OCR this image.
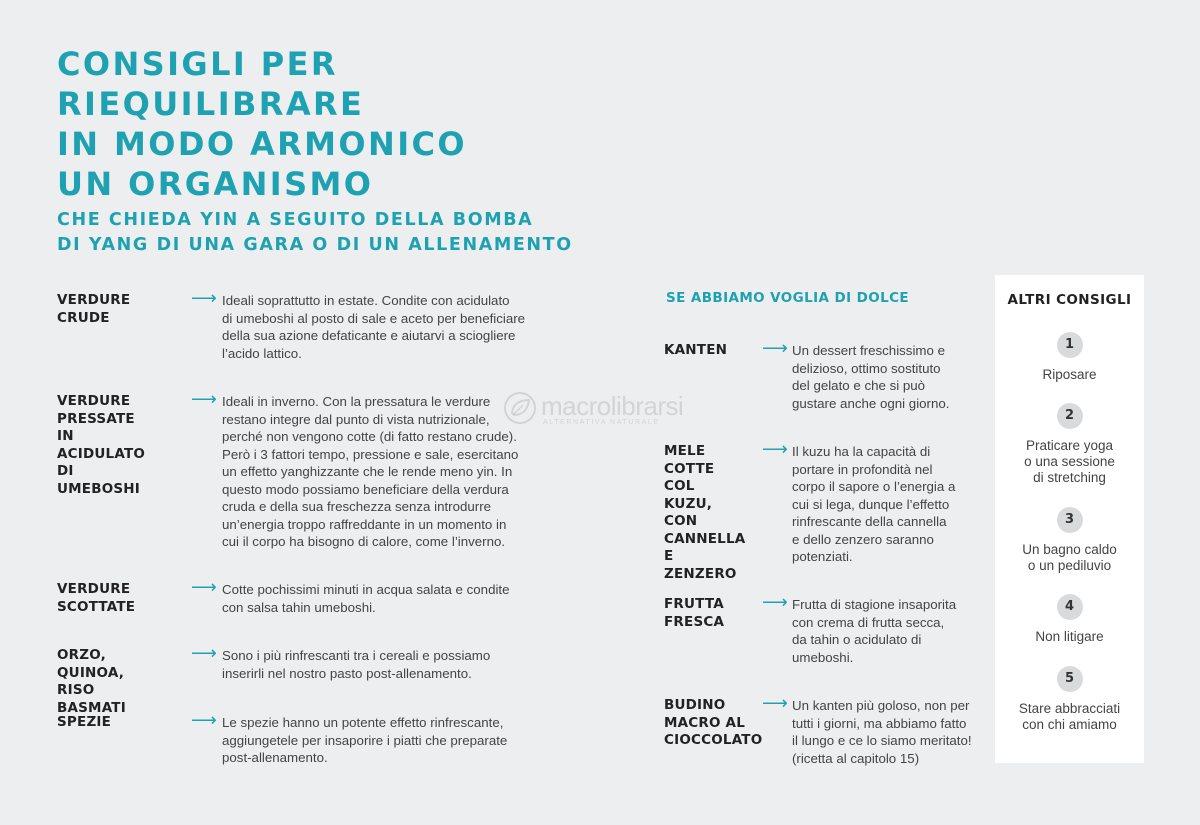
CONSIGLI PER
RIEQUILIBRARE
IN MODO ARMONICO
UN ORGANISMO
CHE CHIEDA YIN A SEGUITO DELLA BOMBA
DI YANG DI UNA GARA O DI UN ALLENAMENTO
VERDURE CRUDE
⟶ Ideali soprattutto in estate. Condite con acidulato
di umeboshi al posto di sale e aceto per beneficiare
della sua azione defaticante e aiutarvi a sciogliere
l’acido lattico.
VERDURE
PRESSATE IN
ACIDULATO DI
UMEBOSHI
⟶ Ideali in inverno. Con la pressatura le verdure
restano integre dal punto di vista nutrizionale,
perché non vengono cotte (di fatto restano crude).
Però i 3 fattori tempo, pressione e sale, esercitano
un effetto yanghizzante che le rende meno yin. In
questo modo possiamo beneficiare della verdura
cruda e della sua freschezza senza introdurre
un’energia troppo raffreddante in un momento in
cui il corpo ha bisogno di calore, come l’inverno.
VERDURE
SCOTTATE
⟶ Cotte pochissimi minuti in acqua salata e condite
con salsa tahin umeboshi.
ORZO, QUINOA,
RISO BASMATI
⟶ Sono i più rinfrescanti tra i cereali e possiamo
inserirli nel nostro pasto post-allenamento.
SPEZIE	⟶ Le spezie hanno un potente effetto rinfrescante,
aggiungetele per insaporire i piatti che preparate
post-allenamento.
SE ABBIAMO VOGLIA DI DOLCE
KANTEN ⟶ Un dessert freschissimo e
delizioso, ottimo sostituto
del gelato e che si può
gustare anche ogni giorno.
MELE COTTE
COL KUZU,
CON
CANNELLA
E ZENZERO
⟶ Il kuzu ha la capacità di
portare in profondità nel
corpo il sapore o l’energia a
cui si lega, dunque l’effetto
rinfrescante della cannella
e dello zenzero saranno
potenziati.
FRUTTA
FRESCA
⟶ Frutta di stagione insaporita
con crema di frutta secca,
da tahin o acidulato di
umeboshi.
BUDINO
MACRO AL
CIOCCOLATO
⟶ Un kanten più goloso, non per
tutti i giorni, ma abbiamo fatto
il lungo e ce lo siamo meritato!
(ricetta al capitolo 15)
ALTRI CONSIGLI
1
Riposare
2
Praticare yoga
o una sessione
di stretching
3
Un bagno caldo
o un pediluvio
4
Non litigare
5
Stare abbracciati
con chi amiamo
macrolibrarsi
ALTERNATIVA NATURALE
